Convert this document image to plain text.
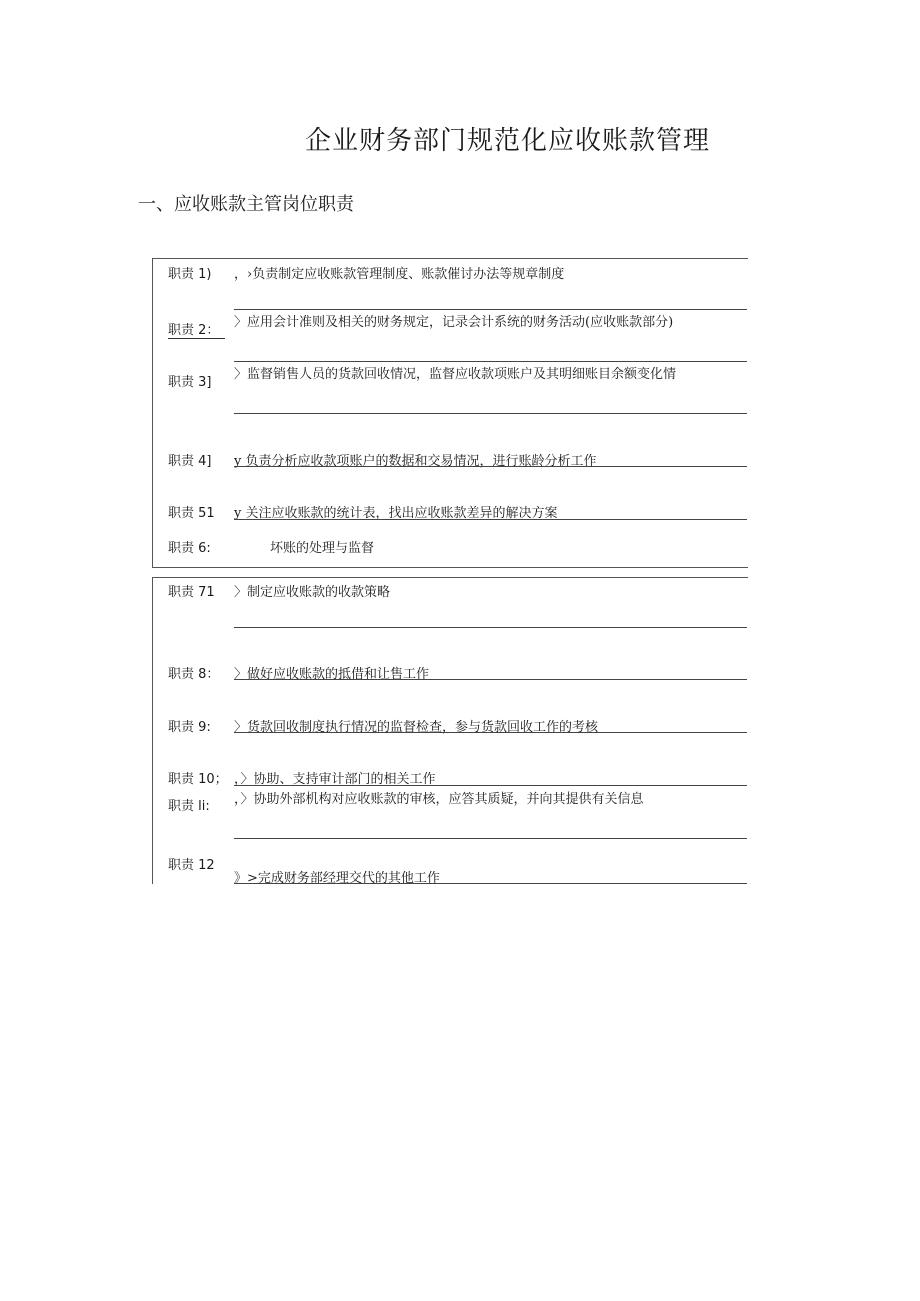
企业财务部门规范化应收账款管理
一、应收账款主管岗位职责
职责 1) ，›负责制定应收账款管理制度、账款催讨办法等规章制度
职责 2：
〉应用会计准则及相关的财务规定，记录会计系统的财务活动(应收账款部分)
职责 3]
〉监督销售人员的货款回收情况，监督应收款项账户及其明细账目余额变化情
职责 4] y 负责分析应收款项账户的数据和交易情况，进行账龄分析工作
职责 51 y 关注应收账款的统计表，找出应收账款差异的解决方案
职责 6:	坏账的处理与监督
职责 71 〉制定应收账款的收款策略
职责 8： 〉做好应收账款的抵借和让售工作
职责 9: 〉货款回收制度执行情况的监督检查，参与货款回收工作的考核
职责 10； ，〉协助、支持审计部门的相关工作
职责 li: ，〉协助外部机构对应收账款的审核，应答其质疑，并向其提供有关信息
职责 12
》>完成财务部经理交代的其他工作
